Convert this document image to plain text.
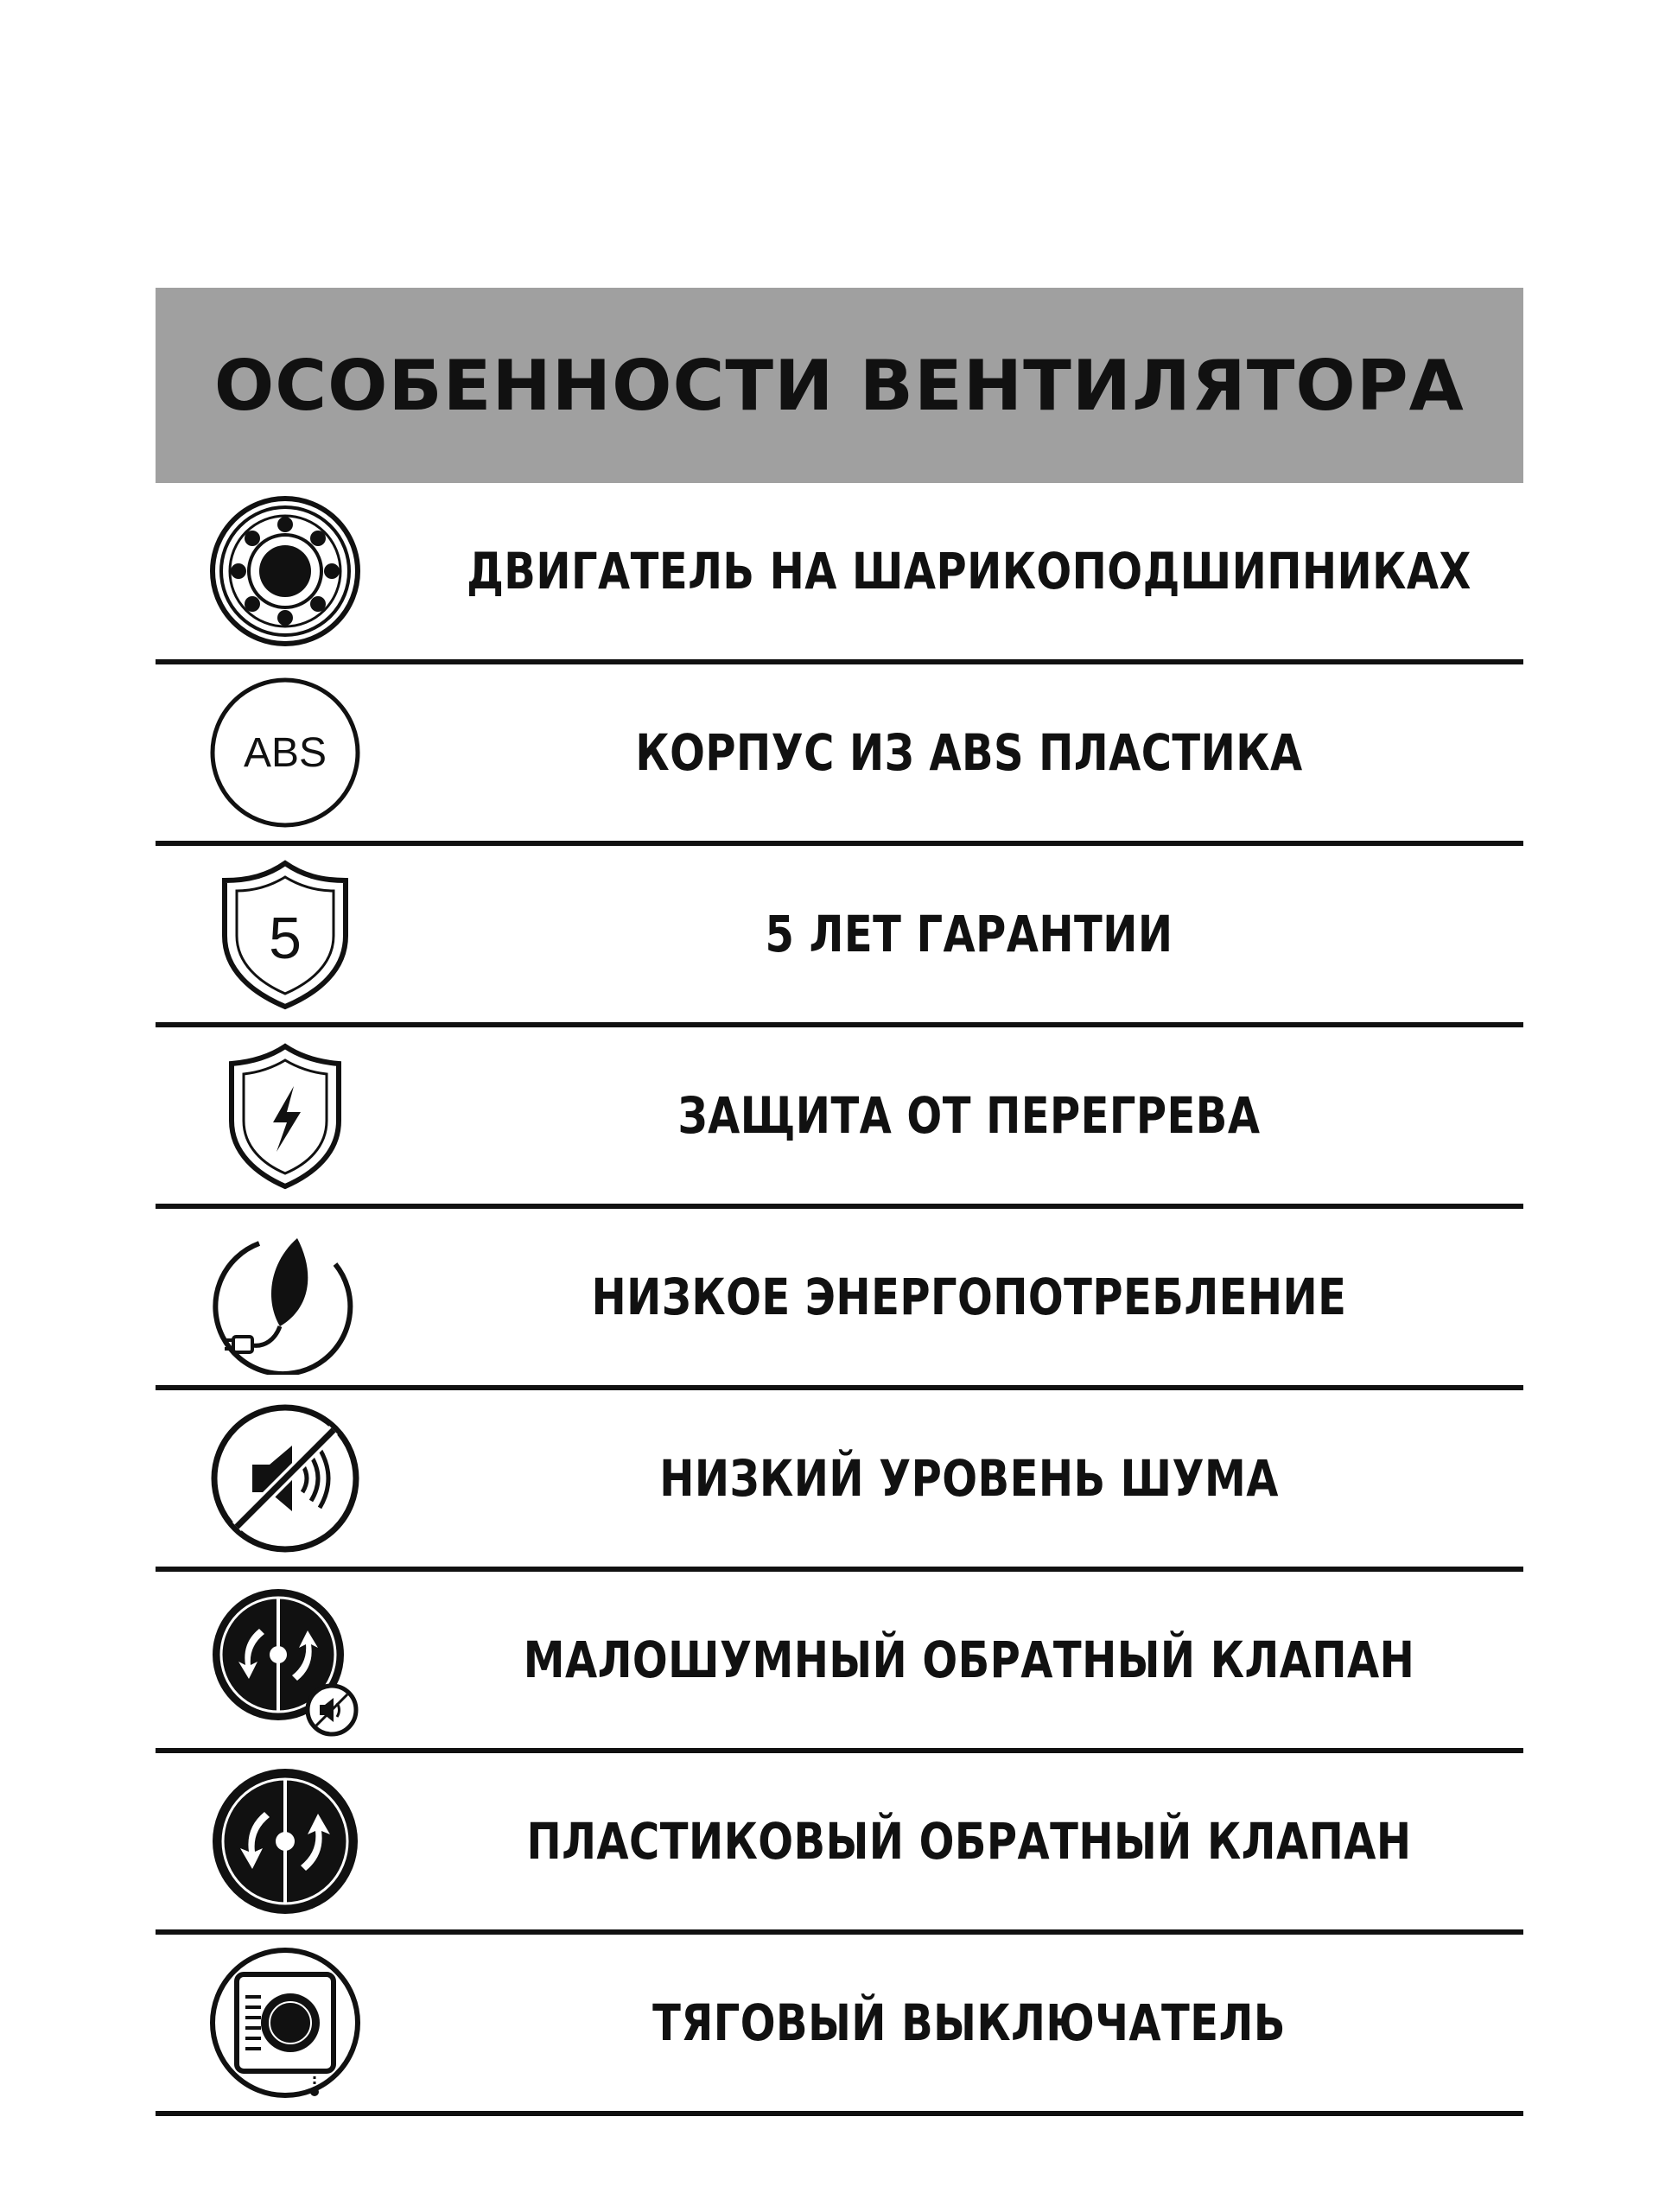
ОСОБЕННОСТИ ВЕНТИЛЯТОРА
ДВИГАТЕЛЬ НА ШАРИКОПОДШИПНИКАХ
ABS	КОРПУС ИЗ ABS ПЛАСТИКА
5	5 ЛЕТ ГАРАНТИИ
ЗАЩИТА ОТ ПЕРЕГРЕВА
НИЗКОЕ ЭНЕРГОПОТРЕБЛЕНИЕ
НИЗКИЙ УРОВЕНЬ ШУМА
МАЛОШУМНЫЙ ОБРАТНЫЙ КЛАПАН
ПЛАСТИКОВЫЙ ОБРАТНЫЙ КЛАПАН
ТЯГОВЫЙ ВЫКЛЮЧАТЕЛЬ
